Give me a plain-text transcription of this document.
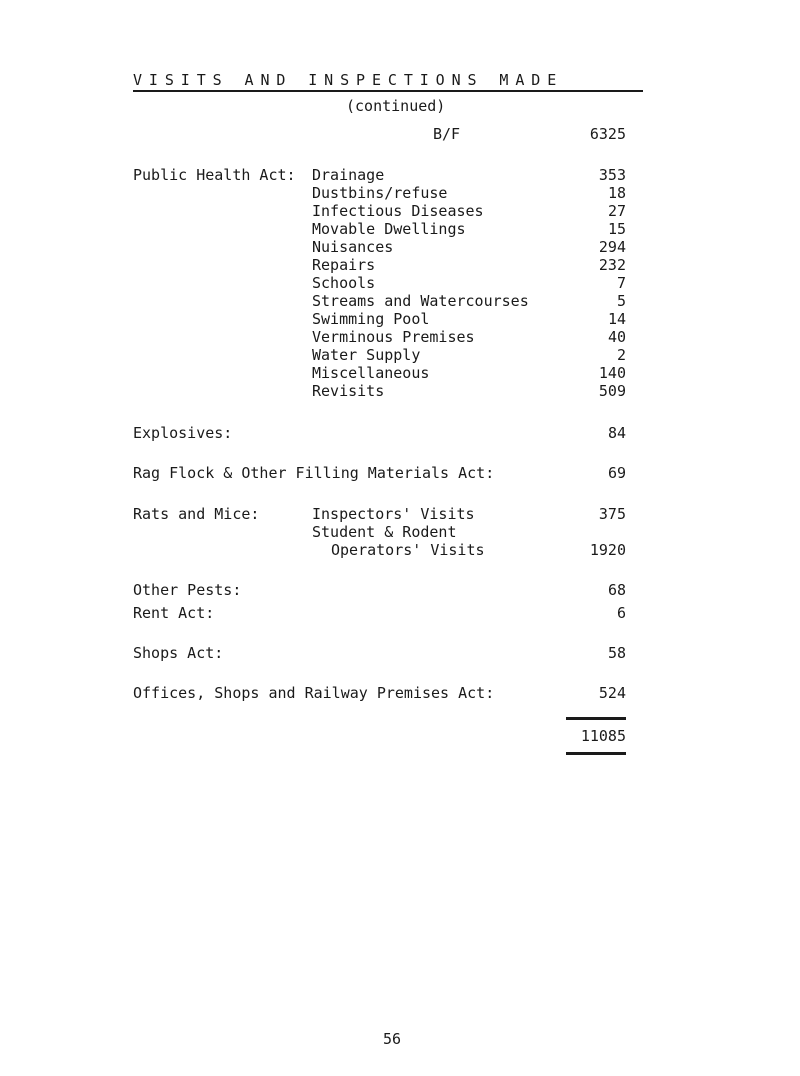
VISITS AND INSPECTIONS MADE
(continued)
B/F	6325
Public Health Act: Drainage	353
Dustbins/refuse	18
Infectious Diseases	27
Movable Dwellings	15
Nuisances	294
Repairs	232
Schools	7
Streams and Watercourses	5
Swimming Pool	14
Verminous Premises	40
Water Supply	2
Miscellaneous	140
Revisits	509
Explosives:	84
Rag Flock & Other Filling Materials Act:	69
Rats and Mice:	Inspectors' Visits	375
Student & Rodent
Operators' Visits	1920
Other Pests:	68
Rent Act:	6
Shops Act:	58
Offices, Shops and Railway Premises Act:	524
11085
56
